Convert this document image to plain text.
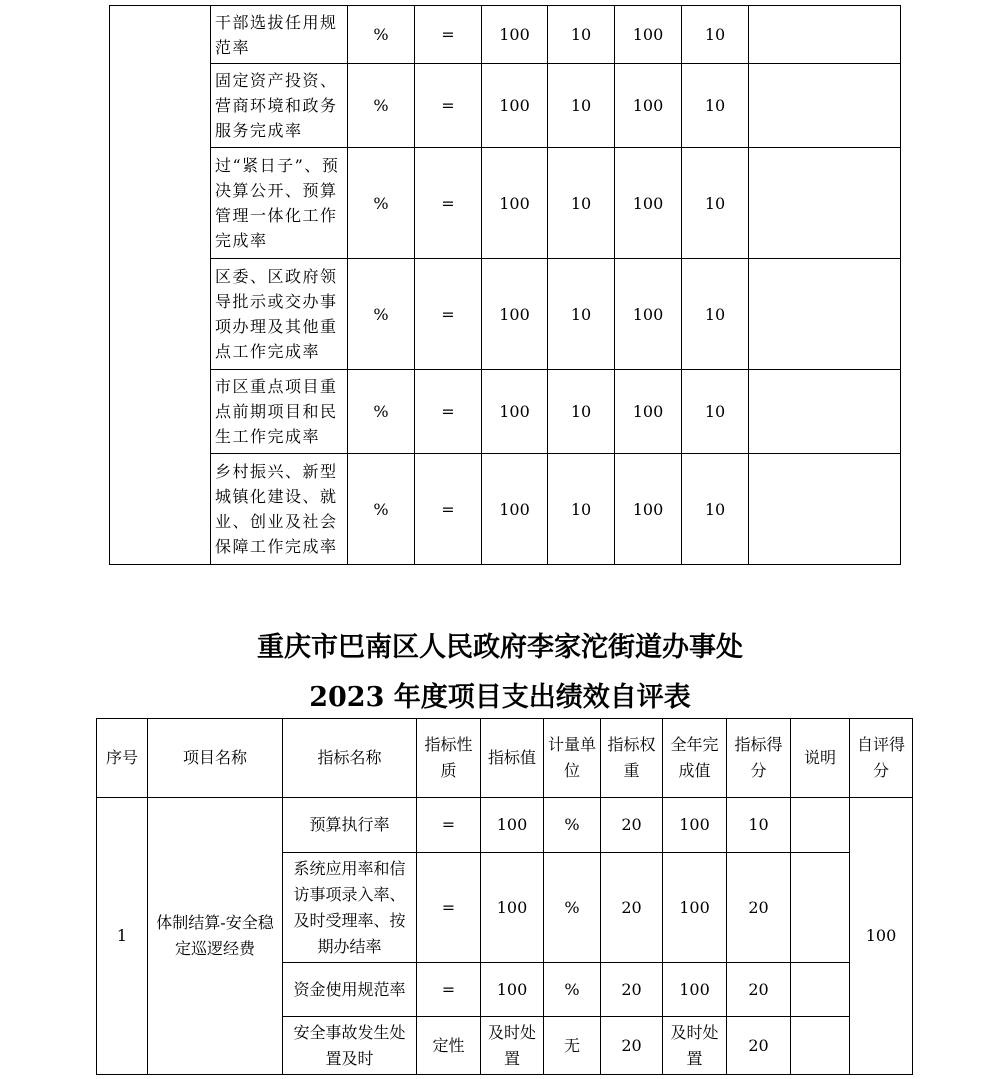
	干部选拔任用规范率	%	=	100	10	100	10	
	固定资产投资、营商环境和政务服务完成率	%	=	100	10	100	10	
	过“紧日子”、预决算公开、预算管理一体化工作完成率	%	=	100	10	100	10	
	区委、区政府领导批示或交办事项办理及其他重点工作完成率	%	=	100	10	100	10	
	市区重点项目重点前期项目和民生工作完成率	%	=	100	10	100	10	
	乡村振兴、新型城镇化建设、就业、创业及社会保障工作完成率	%	=	100	10	100	10	
重庆市巴南区人民政府李家沱街道办事处
2023 年度项目支出绩效自评表
序号	项目名称	指标名称	指标性质	指标值	计量单位	指标权重	全年完成值	指标得分	说明	自评得分
1	体制结算-安全稳定巡逻经费	预算执行率	=	100	%	20	100	10		100
		系统应用率和信访事项录入率、及时受理率、按期办结率	=	100	%	20	100	20		
		资金使用规范率	=	100	%	20	100	20		
		安全事故发生处置及时	定性	及时处置	无	20	及时处置	20		
